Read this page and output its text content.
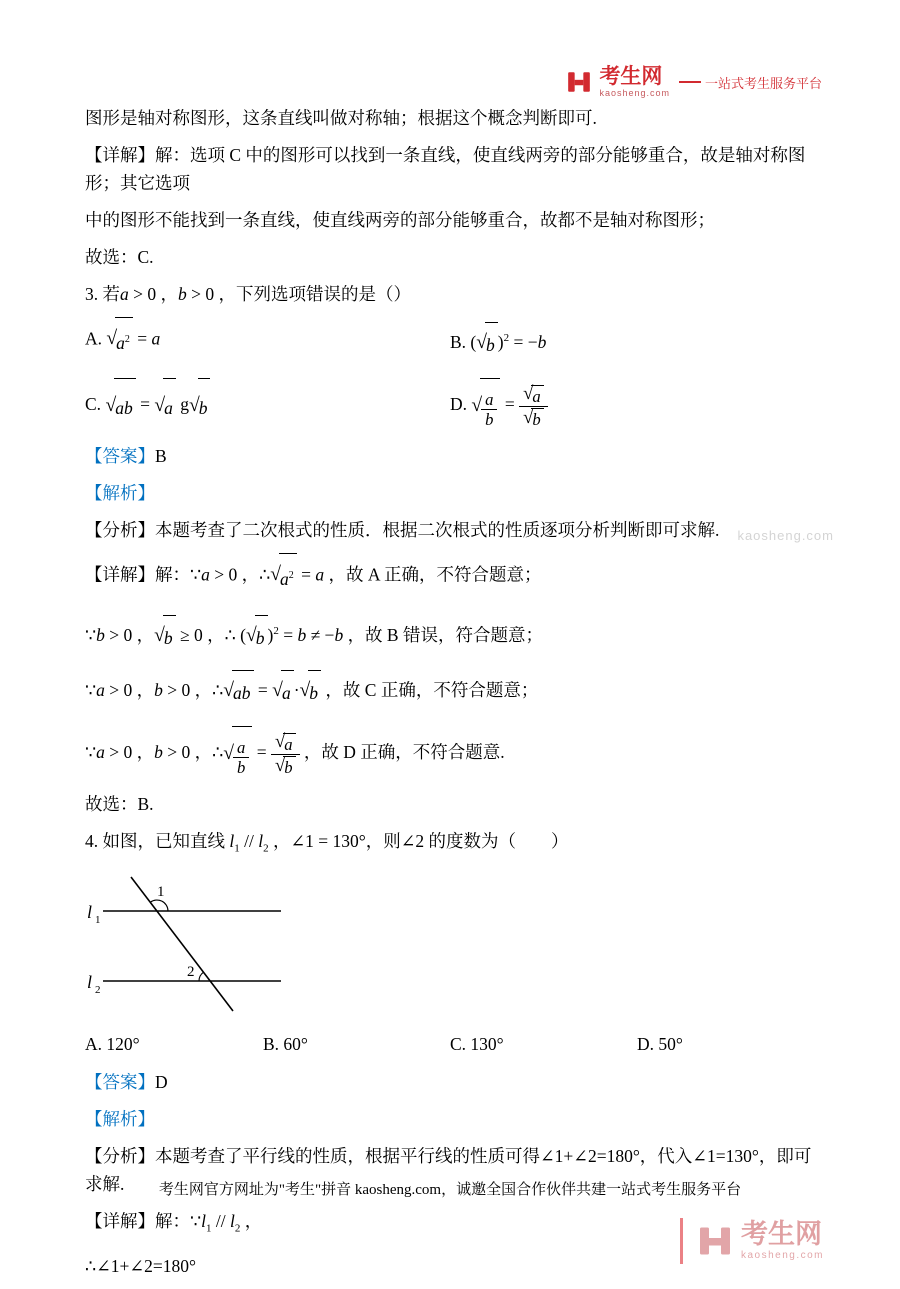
考生网
kaosheng.com
一站式考生服务平台

图形是轴对称图形，这条直线叫做对称轴；根据这个概念判断即可.

【详解】解：选项 C 中的图形可以找到一条直线，使直线两旁的部分能够重合，故是轴对称图形；其它选项

中的图形不能找到一条直线，使直线两旁的部分能够重合，故都不是轴对称图形；

故选：C.

3. 若a > 0 ，b > 0 ，下列选项错误的是（）

A. $√a^2 = a$	B. (√b )$^2$ = −b
C. √ab = √a g√b	D. √ $\frac{a}{b} = \frac{√a}{√b}$

【答案】B

【解析】

【分析】本题考查了二次根式的性质．根据二次根式的性质逐项分析判断即可求解.

【详解】解：∵a > 0 ，$\therefore√a^2 = a$ ，故 A 正确，不符合题意；

∵b > 0 ，√b ≥ 0 ，∴ (√b )$^2$ = b ≠ −b ，故 B 错误，符合题意；

∵a > 0 ，b > 0 ，∴√ab = √a ·√b ，故 C 正确，不符合题意；

∵a > 0 ，b > 0 ，∴√ $\frac{a}{b} = \frac{√a}{√b}$ ，故 D 正确，不符合题意.

故选：B.

4. 如图，已知直线 $l_1 // l_2$ ，∠1 = 130°，则∠2 的度数为（　　）

l 1
l 2
1
2
A. 120°	B. 60°	C. 130°	D. 50°

【答案】D

【解析】

【分析】本题考查了平行线的性质，根据平行线的性质可得∠1+∠2=180°，代入∠1=130°，即可求解.

【详解】解：$\because l_1 // l_2$ ，

∴∠1+∠2=180°

考生网官方网址为"考生"拼音 kaosheng.com，诚邀全国合作伙伴共建一站式考生服务平台
kaosheng.com
考生网
kaosheng.com
